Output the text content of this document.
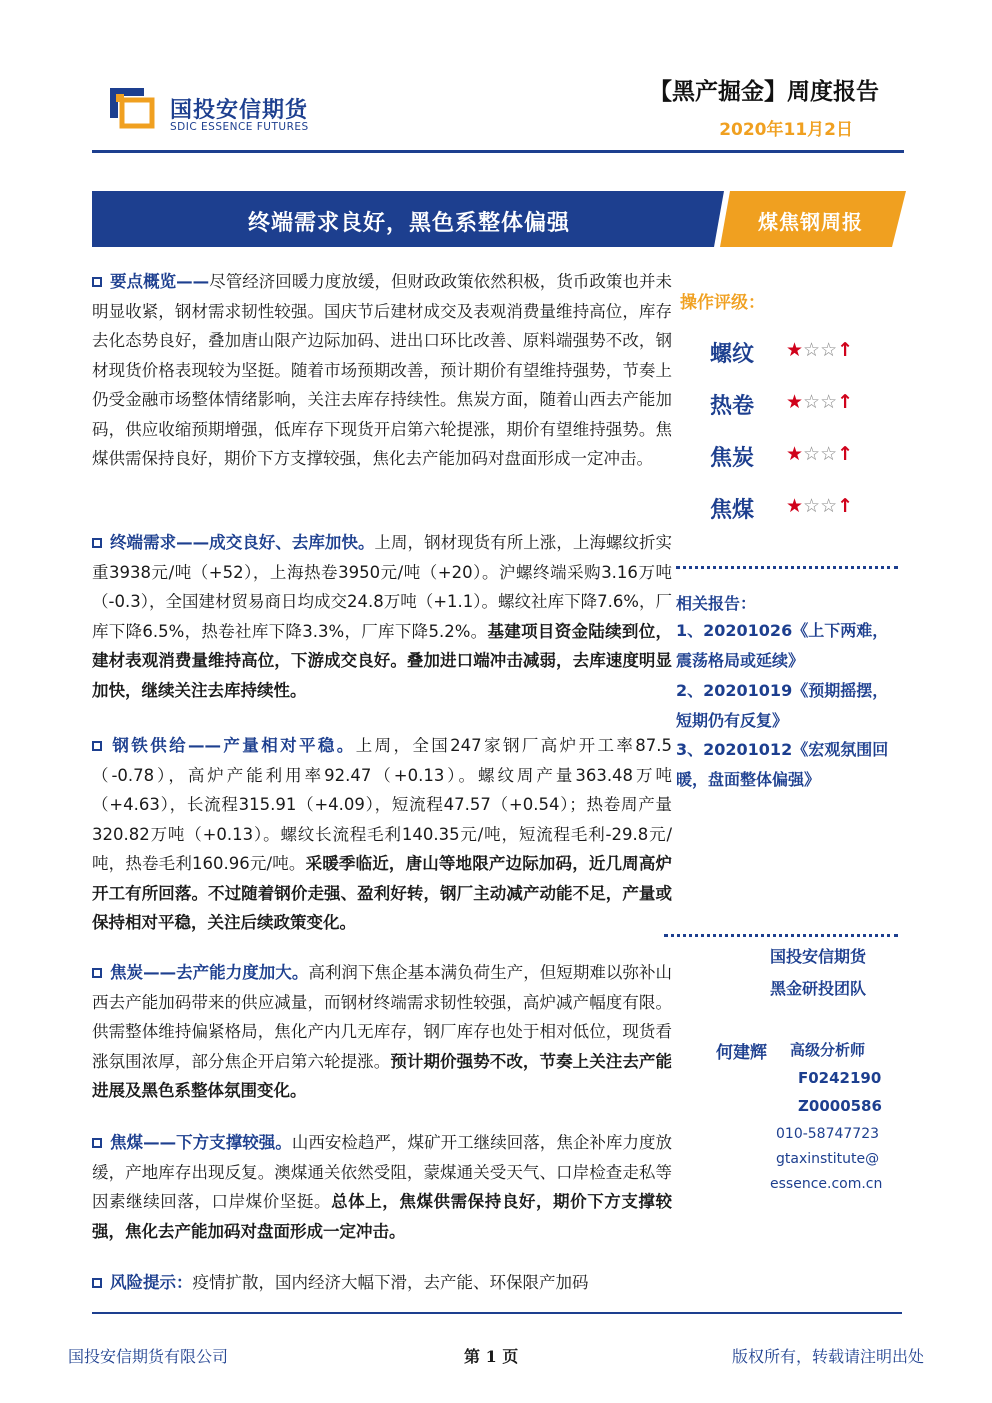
国投安信期货
SDIC ESSENCE FUTURES
【黑产掘金】周度报告
2020年11月2日
终端需求良好，黑色系整体偏强	煤焦钢周报
要点概览——尽管经济回暖力度放缓，但财政政策依然积极，货币政策也并未明显收紧，钢材需求韧性较强。国庆节后建材成交及表观消费量维持高位，库存去化态势良好，叠加唐山限产边际加码、进出口环比改善、原料端强势不改，钢材现货价格表现较为坚挺。随着市场预期改善，预计期价有望维持强势，节奏上仍受金融市场整体情绪影响，关注去库存持续性。焦炭方面，随着山西去产能加码，供应收缩预期增强，低库存下现货开启第六轮提涨，期价有望维持强势。焦煤供需保持良好，期价下方支撑较强，焦化去产能加码对盘面形成一定冲击。
终端需求——成交良好、去库加快。上周，钢材现货有所上涨，上海螺纹折实重3938元/吨（+52），上海热卷3950元/吨（+20）。沪螺终端采购3.16万吨（-0.3），全国建材贸易商日均成交24.8万吨（+1.1）。螺纹社库下降7.6%，厂库下降6.5%，热卷社库下降3.3%，厂库下降5.2%。基建项目资金陆续到位，建材表观消费量维持高位，下游成交良好。叠加进口端冲击减弱，去库速度明显加快，继续关注去库持续性。
钢铁供给——产量相对平稳。上周，全国247家钢厂高炉开工率87.5（-0.78），高炉产能利用率92.47（+0.13）。螺纹周产量363.48万吨（+4.63），长流程315.91（+4.09），短流程47.57（+0.54）；热卷周产量320.82万吨（+0.13）。螺纹长流程毛利140.35元/吨，短流程毛利-29.8元/吨，热卷毛利160.96元/吨。采暖季临近，唐山等地限产边际加码，近几周高炉开工有所回落。不过随着钢价走强、盈利好转，钢厂主动减产动能不足，产量或保持相对平稳，关注后续政策变化。
焦炭——去产能力度加大。高利润下焦企基本满负荷生产，但短期难以弥补山西去产能加码带来的供应减量，而钢材终端需求韧性较强，高炉减产幅度有限。供需整体维持偏紧格局，焦化产内几无库存，钢厂库存也处于相对低位，现货看涨氛围浓厚，部分焦企开启第六轮提涨。预计期价强势不改，节奏上关注去产能进展及黑色系整体氛围变化。
焦煤——下方支撑较强。山西安检趋严，煤矿开工继续回落，焦企补库力度放缓，产地库存出现反复。澳煤通关依然受阻，蒙煤通关受天气、口岸检查走私等因素继续回落，口岸煤价坚挺。总体上，焦煤供需保持良好，期价下方支撑较强，焦化去产能加码对盘面形成一定冲击。
风险提示：疫情扩散，国内经济大幅下滑，去产能、环保限产加码
操作评级：
螺纹 ★☆☆↑
热卷 ★☆☆↑
焦炭 ★☆☆↑
焦煤 ★☆☆↑
相关报告：
1、20201026《上下两难，震荡格局或延续》
2、20201019《预期摇摆，短期仍有反复》
3、20201012《宏观氛围回暖，盘面整体偏强》
国投安信期货
黑金研投团队
何建辉 高级分析师
F0242190
Z0000586
010-58747723
gtaxinstitute@
essence.com.cn
国投安信期货有限公司	第 1 页	版权所有，转载请注明出处
